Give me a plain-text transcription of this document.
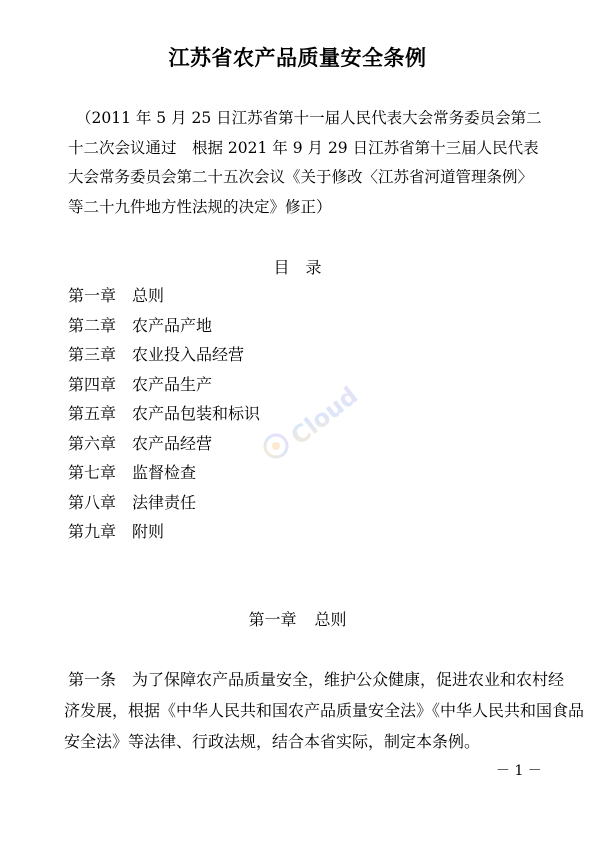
江苏省农产品质量安全条例
（2011 年 5 月 25 日江苏省第十一届人民代表大会常务委员会第二
十二次会议通过　根据 2021 年 9 月 29 日江苏省第十三届人民代表
大会常务委员会第二十五次会议《关于修改〈江苏省河道管理条例〉
等二十九件地方性法规的决定》修正）
目　录
第一章 总则
第二章 农产品产地
第三章 农业投入品经营
第四章 农产品生产
第五章 农产品包装和标识
第六章 农产品经营
第七章 监督检查
第八章 法律责任
第九章 附则
第一章 总则
第一条 为了保障农产品质量安全，维护公众健康，促进农业和农村经
济发展，根据《中华人民共和国农产品质量安全法》《中华人民共和国食品
安全法》等法律、行政法规，结合本省实际，制定本条例。
－ 1 －
Cloud
